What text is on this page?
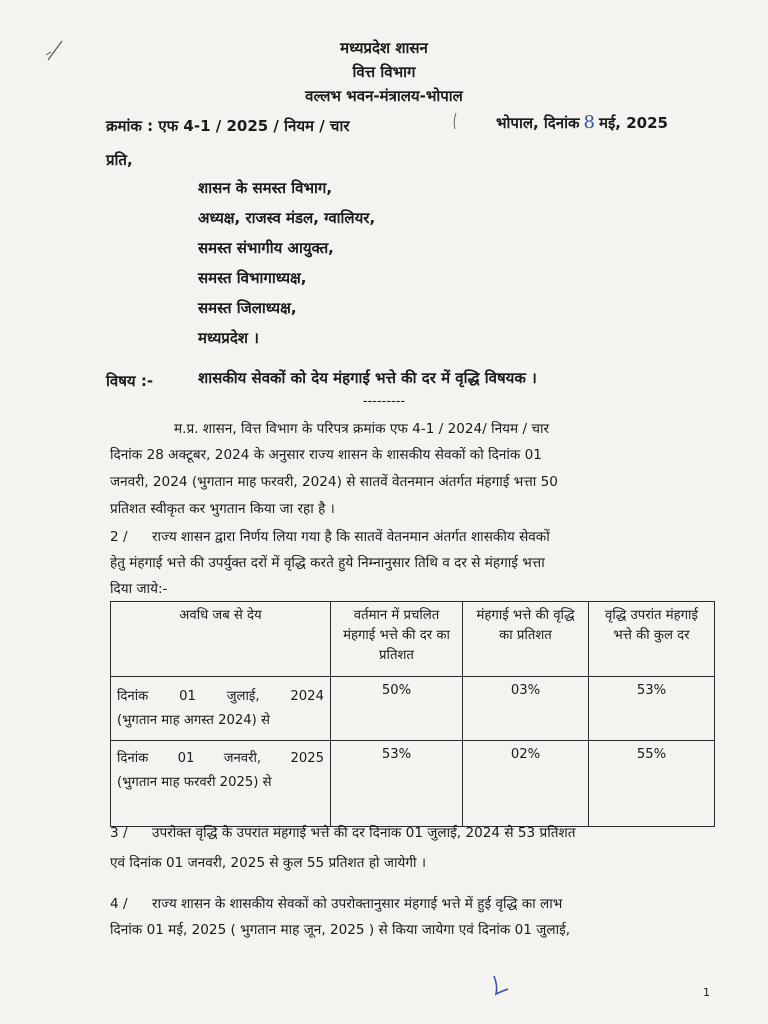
मध्यप्रदेश शासन
वित्त विभाग
वल्लभ भवन-मंत्रालय-भोपाल
क्रमांक : एफ 4-1 / 2025 / नियम / चार	भोपाल, दिनांक 8 मई, 2025
प्रति,
शासन के समस्त विभाग,
अध्यक्ष, राजस्व मंडल, ग्वालियर,
समस्त संभागीय आयुक्त,
समस्त विभागाध्यक्ष,
समस्त जिलाध्यक्ष,
मध्यप्रदेश ।
विषय :-	शासकीय सेवकों को देय मंहगाई भत्ते की दर में वृद्धि विषयक ।
---------
म.प्र. शासन, वित्त विभाग के परिपत्र क्रमांक एफ 4-1 / 2024/ नियम / चार
दिनांक 28 अक्टूबर, 2024 के अनुसार राज्य शासन के शासकीय सेवकों को दिनांक 01
जनवरी, 2024 (भुगतान माह फरवरी, 2024) से सातवें वेतनमान अंतर्गत मंहगाई भत्ता 50
प्रतिशत स्वीकृत कर भुगतान किया जा रहा है ।
2 / राज्य शासन द्वारा निर्णय लिया गया है कि सातवें वेतनमान अंतर्गत शासकीय सेवकों
हेतु मंहगाई भत्ते की उपर्युक्त दरों में वृद्धि करते हुये निम्नानुसार तिथि व दर से मंहगाई भत्ता
दिया जाये:-
अवधि जब से देय	वर्तमान में प्रचलित मंहगाई भत्ते की दर का प्रतिशत	मंहगाई भत्ते की वृद्धि का प्रतिशत	वृद्धि उपरांत मंहगाई भत्ते की कुल दर

दिनांक 01 जुलाई, 2024
(भुगतान माह अगस्त 2024) से	50%	03%	53%

दिनांक 01 जनवरी, 2025
(भुगतान माह फरवरी 2025) से	53%	02%	55%
3 / उपरोक्त वृद्धि के उपरांत मंहगाई भत्ते की दर दिनांक 01 जुलाई, 2024 से 53 प्रतिशत
एवं दिनांक 01 जनवरी, 2025 से कुल 55 प्रतिशत हो जायेगी ।
4 / राज्य शासन के शासकीय सेवकों को उपरोक्तानुसार मंहगाई भत्ते में हुई वृद्धि का लाभ
दिनांक 01 मई, 2025 ( भुगतान माह जून, 2025 ) से किया जायेगा एवं दिनांक 01 जुलाई,
1
